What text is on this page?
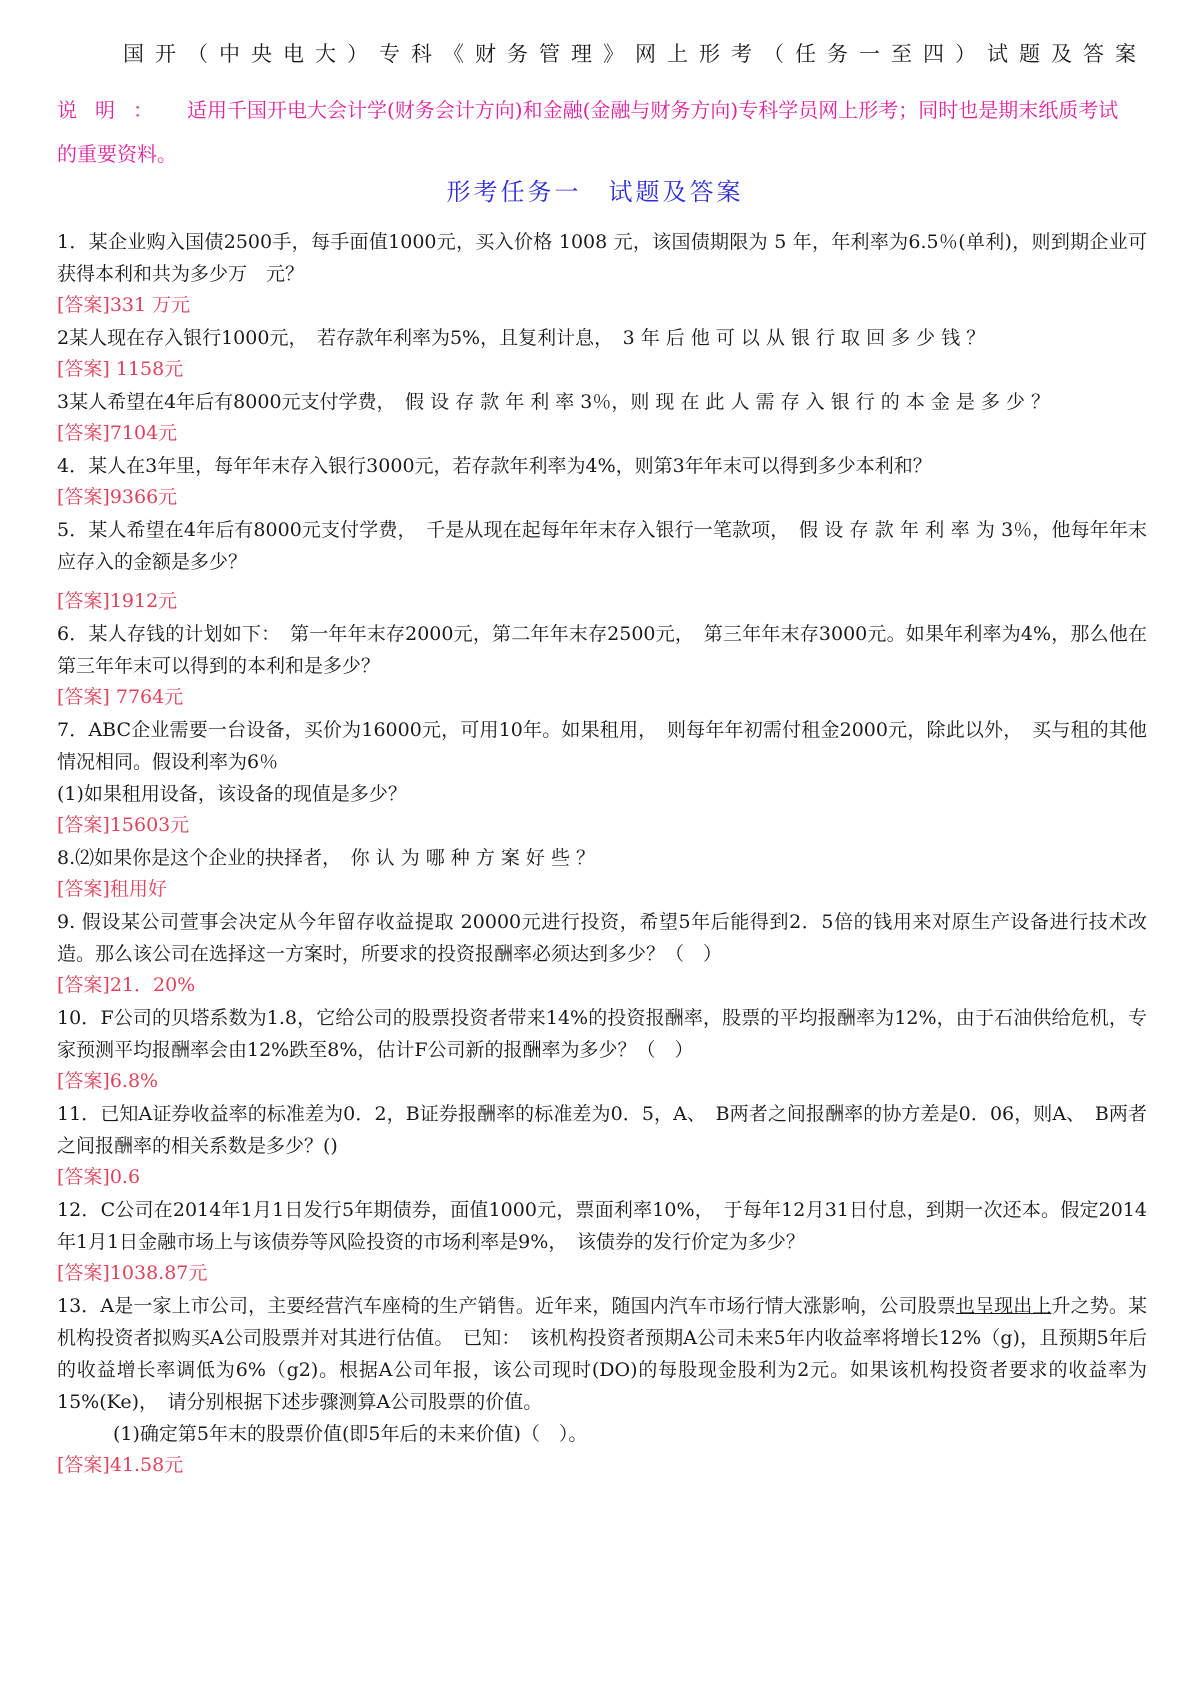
国开（中央电大）专科《财务管理》网上形考（任务一至四）试题及答案
说明： 适用千国开电大会计学(财务会计方向)和金融(金融与财务方向)专科学员网上形考；同时也是期末纸质考试的重要资料。
形考任务一　试题及答案

1．某企业购入国债2500手，每手面值1000元，买入价格 1008 元，该国债期限为 5 年，年利率为6.5％(单利)，则到期企业可获得本利和共为多少万　元？

[答案]331 万元

2某人现在存入银行1000元，　若存款年利率为5%，且复利计息，　3 年 后 他 可 以 从 银 行 取 回 多 少 钱 ？

[答案] 1158元

3某人希望在4年后有8000元支付学费，　假 设 存 款 年 利 率 3％，则 现 在 此 人 需 存 入 银 行 的 本 金 是 多 少 ？

[答案]7104元

4．某人在3年里，每年年末存入银行3000元，若存款年利率为4%，则第3年年末可以得到多少本利和？

[答案]9366元

5．某人希望在4年后有8000元支付学费，　千是从现在起每年年末存入银行一笔款项，　假 设 存 款 年 利 率 为 3％，他每年年末应存入的金额是多少？

[答案]1912元

6．某人存钱的计划如下：　第一年年末存2000元，第二年年末存2500元，　第三年年末存3000元。如果年利率为4%，那么他在第三年年末可以得到的本利和是多少？

[答案] 7764元

7．ABC企业需要一台设备，买价为16000元，可用10年。如果租用，　则每年年初需付租金2000元，除此以外，　买与租的其他情况相同。假设利率为6％

(1)如果租用设备，该设备的现值是多少？

[答案]15603元

8.⑵如果你是这个企业的抉择者，　你 认 为 哪 种 方 案 好 些 ？

[答案]租用好

9. 假设某公司萱事会决定从今年留存收益提取 20000元进行投资，希望5年后能得到2．5倍的钱用来对原生产设备进行技术改造。那么该公司在选择这一方案时，所要求的投资报酬率必须达到多少？（　）

[答案]21．20%

10．F公司的贝塔系数为1.8，它给公司的股票投资者带来14%的投资报酬率，股票的平均报酬率为12%，由于石油供给危机，专家预测平均报酬率会由12%跌至8%，估计F公司新的报酬率为多少？（　）

[答案]6.8%

11．已知A证券收益率的标准差为0．2，B证券报酬率的标准差为0．5，A、　B两者之间报酬率的协方差是0．06，则A、　B两者之间报酬率的相关系数是多少？()

[答案]0.6

12．C公司在2014年1月1日发行5年期债券，面值1000元，票面利率10%，　于每年12月31日付息，到期一次还本。假定2014年1月1日金融市场上与该债券等风险投资的市场利率是9%，　该债券的发行价定为多少？

[答案]1038.87元

13．A是一家上市公司，主要经营汽车座椅的生产销售。近年来，随国内汽车市场行情大涨影响，公司股票也呈现出上升之势。某机构投资者拟购买A公司股票并对其进行估值。　已知：　该机构投资者预期A公司未来5年内收益率将增长12%（g)，且预期5年后的收益增长率调低为6%（g2)。根据A公司年报，该公司现时(DO)的每股现金股利为2元。如果该机构投资者要求的收益率为　15%(Ke)，　请分别根据下述步骤测算A公司股票的价值。

(1)确定第5年末的股票价值(即5年后的未来价值)（　）。

[答案]41.58元
